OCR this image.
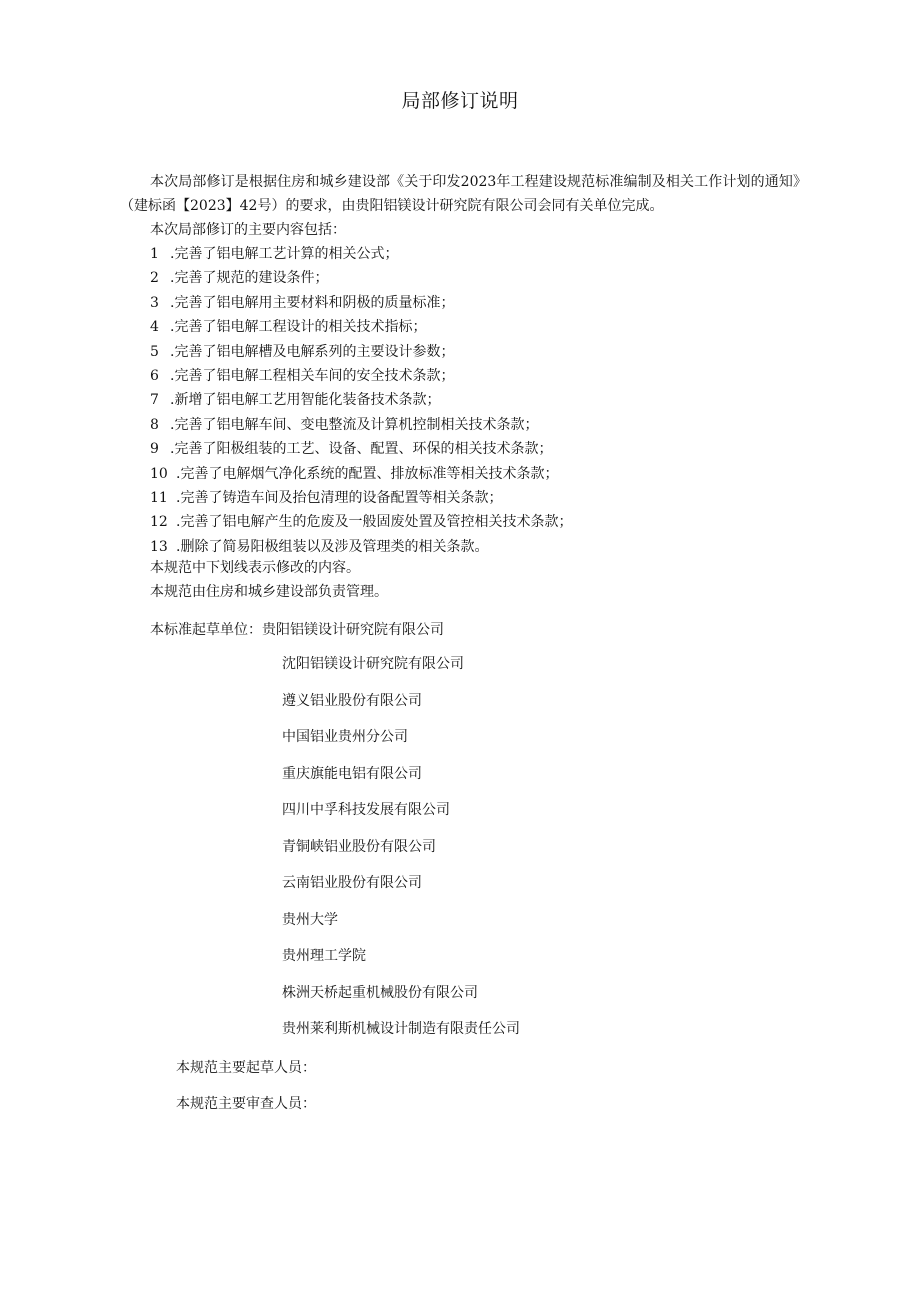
局部修订说明

本次局部修订是根据住房和城乡建设部《关于印发2023年工程建设规范标准编制及相关工作计划的通知》（建标函【2023】42号）的要求，由贵阳铝镁设计研究院有限公司会同有关单位完成。

本次局部修订的主要内容包括：

1 .完善了铝电解工艺计算的相关公式；
2 .完善了规范的建设条件；
3 .完善了铝电解用主要材料和阴极的质量标准；
4 .完善了铝电解工程设计的相关技术指标；
5 .完善了铝电解槽及电解系列的主要设计参数；
6 .完善了铝电解工程相关车间的安全技术条款；
7 .新增了铝电解工艺用智能化装备技术条款；
8 .完善了铝电解车间、变电整流及计算机控制相关技术条款；
9 .完善了阳极组装的工艺、设备、配置、环保的相关技术条款；
10 .完善了电解烟气净化系统的配置、排放标准等相关技术条款；
11 .完善了铸造车间及抬包清理的设备配置等相关条款；
12 .完善了铝电解产生的危废及一般固废处置及管控相关技术条款；
13 .删除了简易阳极组装以及涉及管理类的相关条款。

本规范中下划线表示修改的内容。

本规范由住房和城乡建设部负责管理。

本标准起草单位：贵阳铝镁设计研究院有限公司
沈阳铝镁设计研究院有限公司
遵义铝业股份有限公司
中国铝业贵州分公司
重庆旗能电铝有限公司
四川中孚科技发展有限公司
青铜峡铝业股份有限公司
云南铝业股份有限公司
贵州大学
贵州理工学院
株洲天桥起重机械股份有限公司
贵州莱利斯机械设计制造有限责任公司
本规范主要起草人员：
本规范主要审查人员：
